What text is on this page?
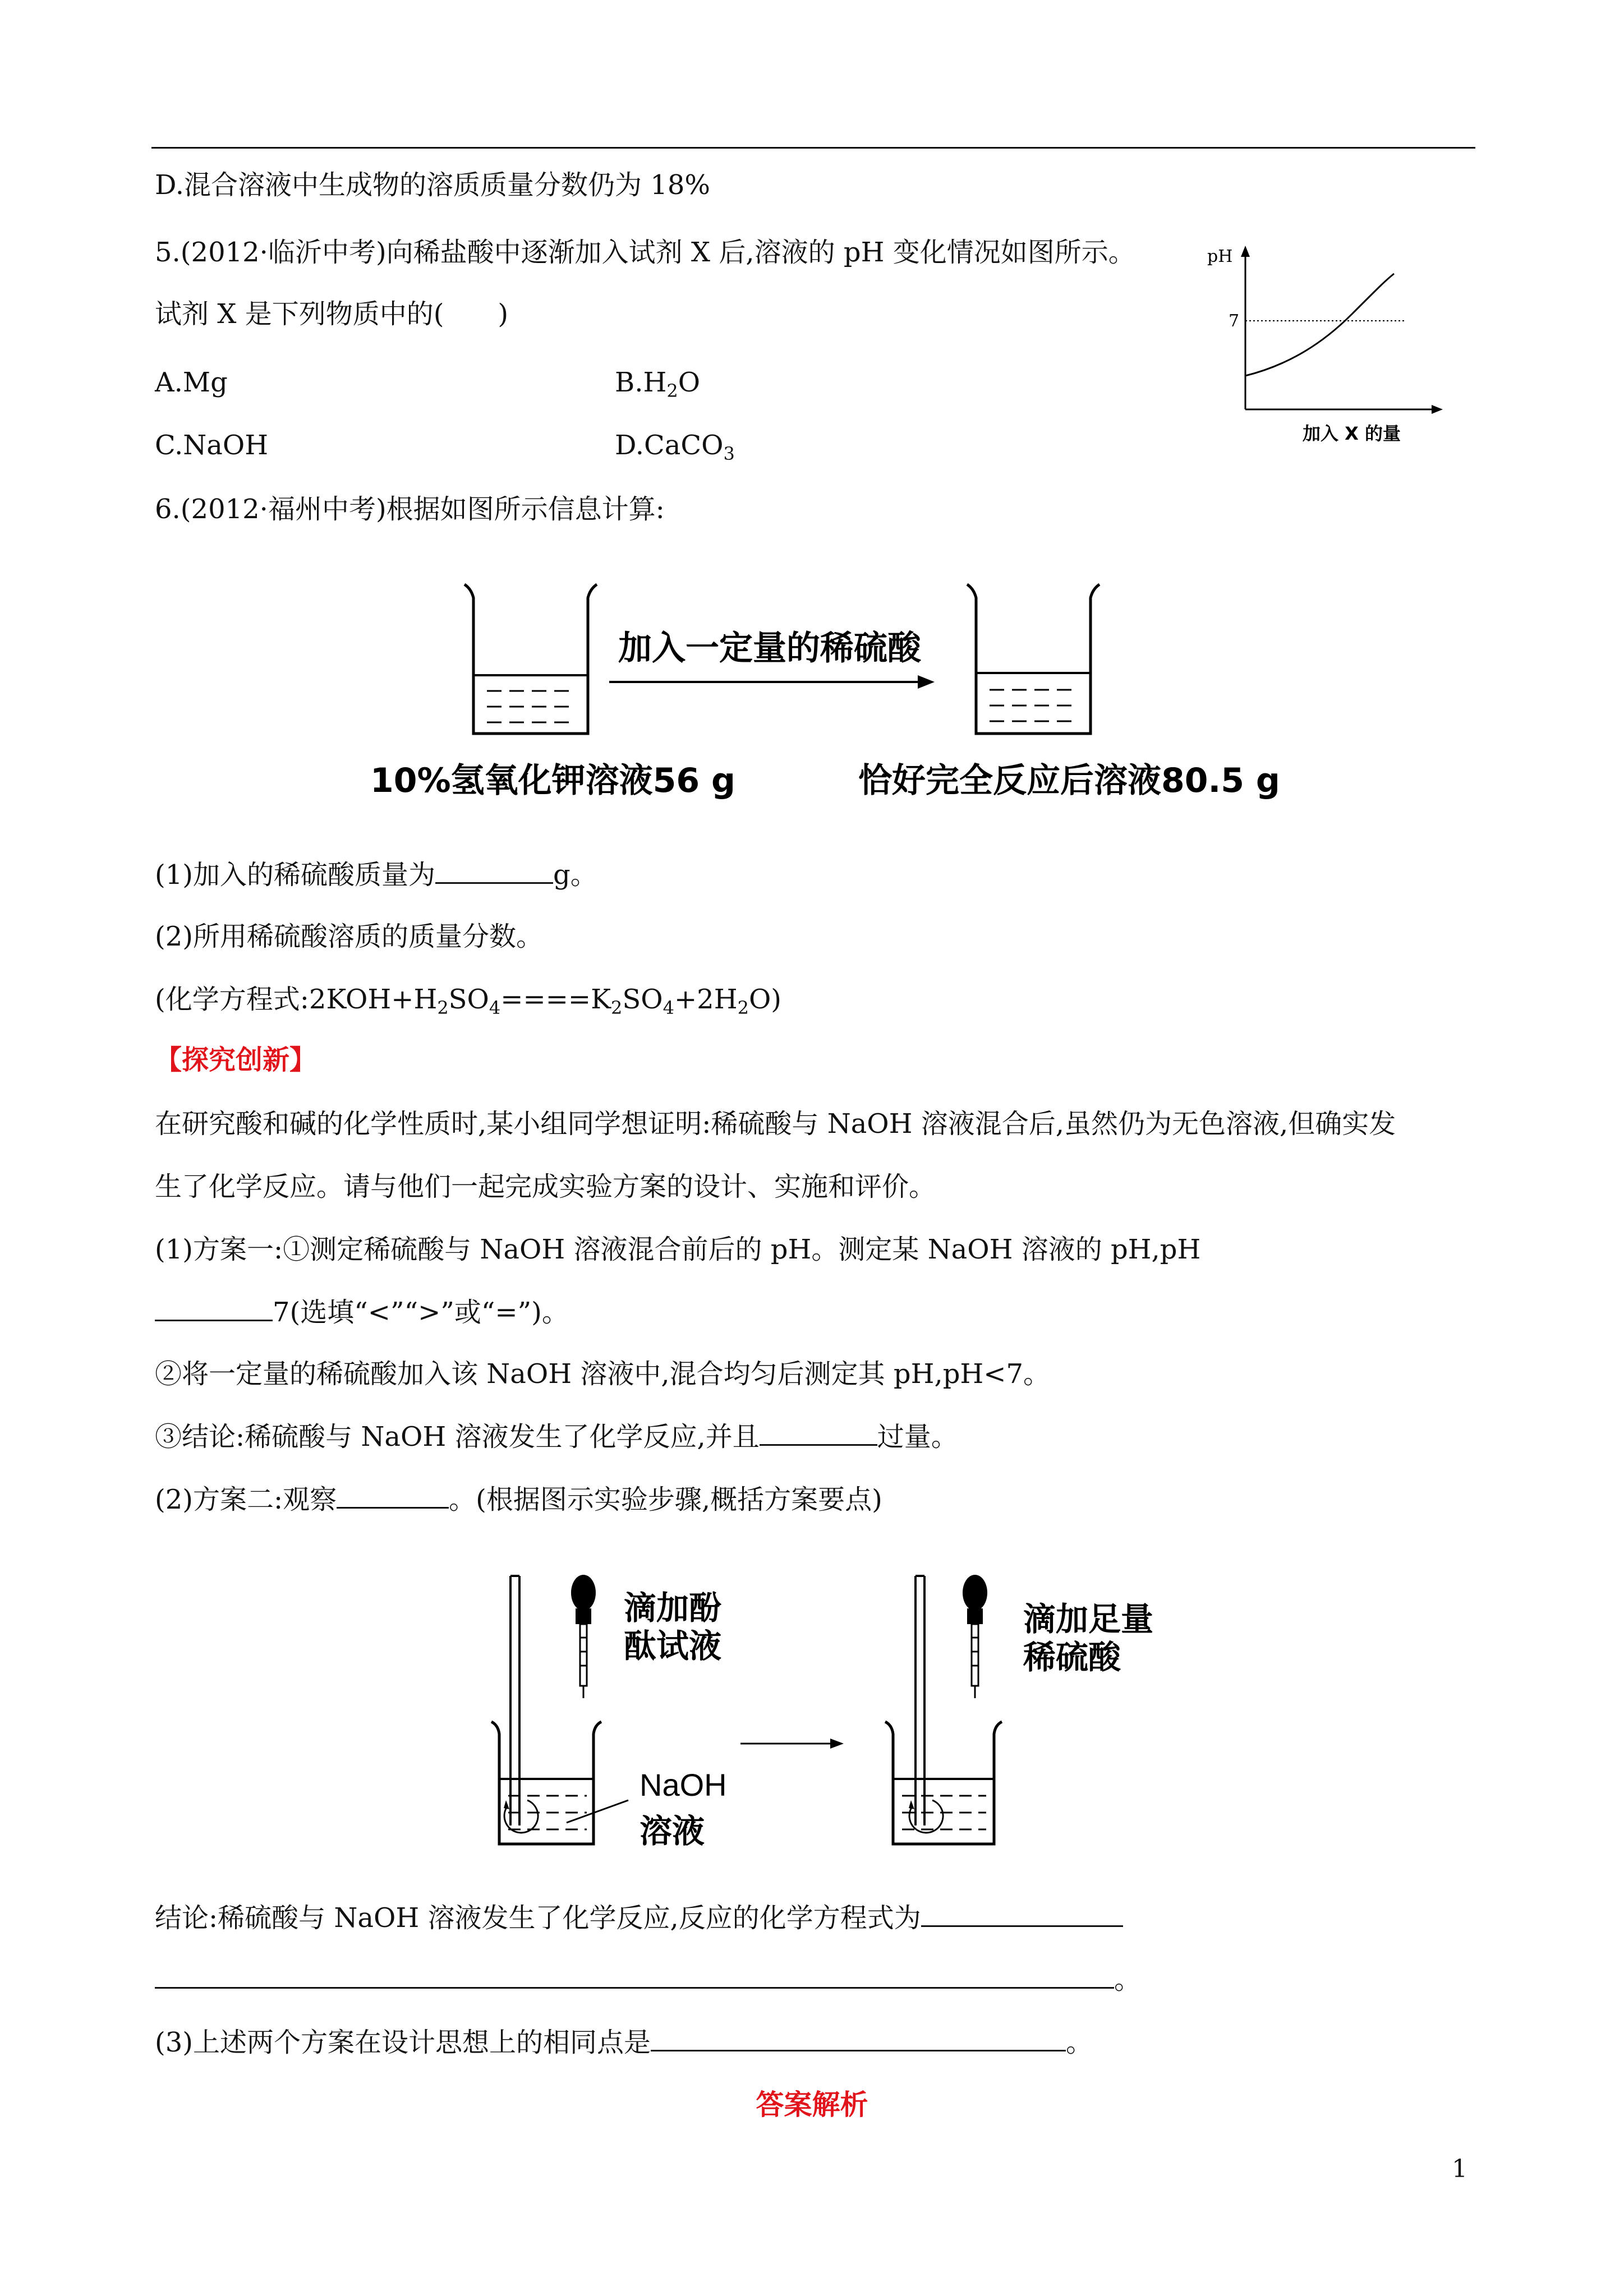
D.混合溶液中生成物的溶质质量分数仍为 18%
5.(2012·临沂中考)向稀盐酸中逐渐加入试剂 X 后,溶液的 pH 变化情况如图所示。
试剂 X 是下列物质中的(　　)
A.Mg	$B.H_2O$
C.NaOH	D.CaCO$_3$
pH
7
加入 X 的量
6.(2012·福州中考)根据如图所示信息计算:
加入一定量的稀硫酸
10%氢氧化钾溶液56 g	恰好完全反应后溶液80.5 g
(1)加入的稀硫酸质量为	g。
(2)所用稀硫酸溶质的质量分数。
(化学方程式$:2KOH+H_2SO_4====K_2SO_4+2H_2O$)
【探究创新】
在研究酸和碱的化学性质时,某小组同学想证明:稀硫酸与 NaOH 溶液混合后,虽然仍为无色溶液,但确实发
生了化学反应。请与他们一起完成实验方案的设计、实施和评价。
(1)方案一:①测定稀硫酸与 NaOH 溶液混合前后的 pH。测定某 NaOH 溶液的 pH,pH
7(选填“<”“>”或“=”)。
②将一定量的稀硫酸加入该 NaOH 溶液中,混合均匀后测定其 pH,pH<7。
③结论:稀硫酸与 NaOH 溶液发生了化学反应,并且	过量。
(2)方案二:观察	。(根据图示实验步骤,概括方案要点)
滴加酚
酞试液
NaOH
溶液
滴加足量
稀硫酸
结论:稀硫酸与 NaOH 溶液发生了化学反应,反应的化学方程式为
。
(3)上述两个方案在设计思想上的相同点是	。
答案解析
1
